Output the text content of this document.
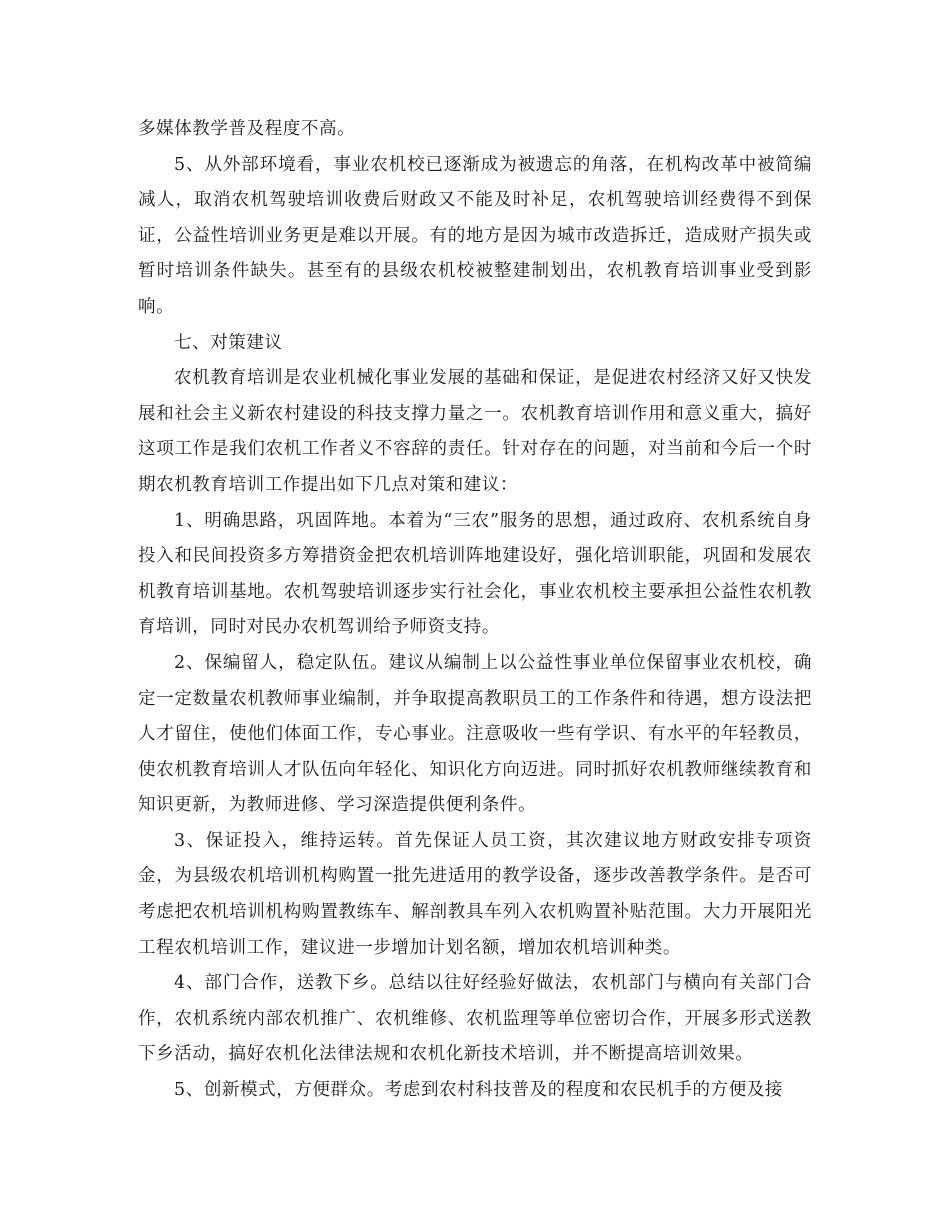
多媒体教学普及程度不高。

5、从外部环境看，事业农机校已逐渐成为被遗忘的角落，在机构改革中被简编减人，取消农机驾驶培训收费后财政又不能及时补足，农机驾驶培训经费得不到保证，公益性培训业务更是难以开展。有的地方是因为城市改造拆迁，造成财产损失或暂时培训条件缺失。甚至有的县级农机校被整建制划出，农机教育培训事业受到影响。

七、对策建议

农机教育培训是农业机械化事业发展的基础和保证，是促进农村经济又好又快发展和社会主义新农村建设的科技支撑力量之一。农机教育培训作用和意义重大，搞好这项工作是我们农机工作者义不容辞的责任。针对存在的问题，对当前和今后一个时期农机教育培训工作提出如下几点对策和建议：

1、明确思路，巩固阵地。本着为“三农”服务的思想，通过政府、农机系统自身投入和民间投资多方筹措资金把农机培训阵地建设好，强化培训职能，巩固和发展农机教育培训基地。农机驾驶培训逐步实行社会化，事业农机校主要承担公益性农机教育培训，同时对民办农机驾训给予师资支持。

2、保编留人，稳定队伍。建议从编制上以公益性事业单位保留事业农机校，确定一定数量农机教师事业编制，并争取提高教职员工的工作条件和待遇，想方设法把人才留住，使他们体面工作，专心事业。注意吸收一些有学识、有水平的年轻教员，使农机教育培训人才队伍向年轻化、知识化方向迈进。同时抓好农机教师继续教育和知识更新，为教师进修、学习深造提供便利条件。

3、保证投入，维持运转。首先保证人员工资，其次建议地方财政安排专项资金，为县级农机培训机构购置一批先进适用的教学设备，逐步改善教学条件。是否可考虑把农机培训机构购置教练车、解剖教具车列入农机购置补贴范围。大力开展阳光工程农机培训工作，建议进一步增加计划名额，增加农机培训种类。

4、部门合作，送教下乡。总结以往好经验好做法，农机部门与横向有关部门合作，农机系统内部农机推广、农机维修、农机监理等单位密切合作，开展多形式送教下乡活动，搞好农机化法律法规和农机化新技术培训，并不断提高培训效果。

5、创新模式，方便群众。考虑到农村科技普及的程度和农民机手的方便及接
